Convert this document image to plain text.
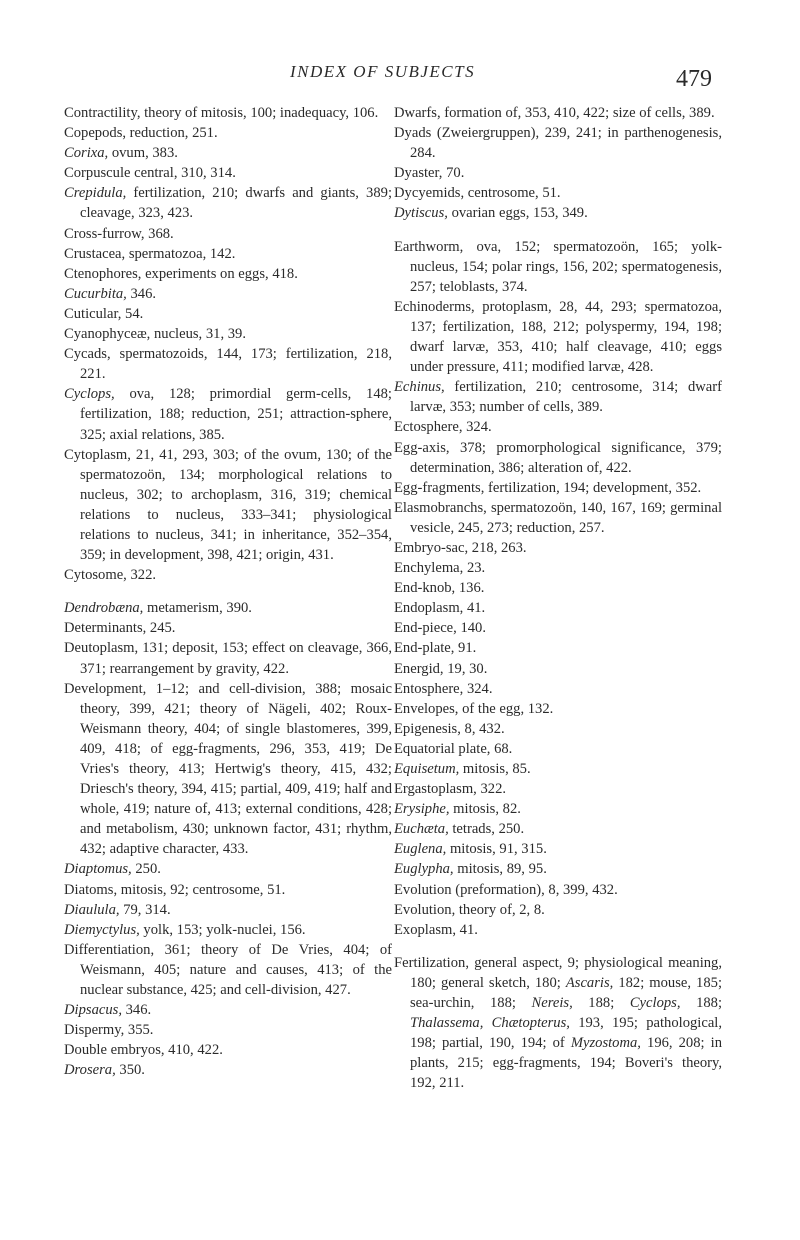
INDEX OF SUBJECTS	479

Contractility, theory of mitosis, 100; inadequacy, 106.

Copepods, reduction, 251.

Corixa, ovum, 383.

Corpuscule central, 310, 314.

Crepidula, fertilization, 210; dwarfs and giants, 389; cleavage, 323, 423.

Cross-furrow, 368.

Crustacea, spermatozoa, 142.

Ctenophores, experiments on eggs, 418.

Cucurbita, 346.

Cuticular, 54.

Cyanophyceæ, nucleus, 31, 39.

Cycads, spermatozoids, 144, 173; fertilization, 218, 221.

Cyclops, ova, 128; primordial germ-cells, 148; fertilization, 188; reduction, 251; attraction-sphere, 325; axial relations, 385.

Cytoplasm, 21, 41, 293, 303; of the ovum, 130; of the spermatozoön, 134; morphological relations to nucleus, 302; to archoplasm, 316, 319; chemical relations to nucleus, 333–341; physiological relations to nucleus, 341; in inheritance, 352–354, 359; in development, 398, 421; origin, 431.

Cytosome, 322.

Dendrobæna, metamerism, 390.

Determinants, 245.

Deutoplasm, 131; deposit, 153; effect on cleavage, 366, 371; rearrangement by gravity, 422.

Development, 1–12; and cell-division, 388; mosaic theory, 399, 421; theory of Nägeli, 402; Roux-Weismann theory, 404; of single blastomeres, 399, 409, 418; of egg-fragments, 296, 353, 419; De Vries's theory, 413; Hertwig's theory, 415, 432; Driesch's theory, 394, 415; partial, 409, 419; half and whole, 419; nature of, 413; external conditions, 428; and metabolism, 430; unknown factor, 431; rhythm, 432; adaptive character, 433.

Diaptomus, 250.

Diatoms, mitosis, 92; centrosome, 51.

Diaulula, 79, 314.

Diemyctylus, yolk, 153; yolk-nuclei, 156.

Differentiation, 361; theory of De Vries, 404; of Weismann, 405; nature and causes, 413; of the nuclear substance, 425; and cell-division, 427.

Dipsacus, 346.

Dispermy, 355.

Double embryos, 410, 422.

Drosera, 350.

Dwarfs, formation of, 353, 410, 422; size of cells, 389.

Dyads (Zweiergruppen), 239, 241; in parthenogenesis, 284.

Dyaster, 70.

Dycyemids, centrosome, 51.

Dytiscus, ovarian eggs, 153, 349.

Earthworm, ova, 152; spermatozoön, 165; yolk-nucleus, 154; polar rings, 156, 202; spermatogenesis, 257; teloblasts, 374.

Echinoderms, protoplasm, 28, 44, 293; spermatozoa, 137; fertilization, 188, 212; polyspermy, 194, 198; dwarf larvæ, 353, 410; half cleavage, 410; eggs under pressure, 411; modified larvæ, 428.

Echinus, fertilization, 210; centrosome, 314; dwarf larvæ, 353; number of cells, 389.

Ectosphere, 324.

Egg-axis, 378; promorphological significance, 379; determination, 386; alteration of, 422.

Egg-fragments, fertilization, 194; development, 352.

Elasmobranchs, spermatozoön, 140, 167, 169; germinal vesicle, 245, 273; reduction, 257.

Embryo-sac, 218, 263.

Enchylema, 23.

End-knob, 136.

Endoplasm, 41.

End-piece, 140.

End-plate, 91.

Energid, 19, 30.

Entosphere, 324.

Envelopes, of the egg, 132.

Epigenesis, 8, 432.

Equatorial plate, 68.

Equisetum, mitosis, 85.

Ergastoplasm, 322.

Erysiphe, mitosis, 82.

Euchæta, tetrads, 250.

Euglena, mitosis, 91, 315.

Euglypha, mitosis, 89, 95.

Evolution (preformation), 8, 399, 432.

Evolution, theory of, 2, 8.

Exoplasm, 41.

Fertilization, general aspect, 9; physiological meaning, 180; general sketch, 180; Ascaris, 182; mouse, 185; sea-urchin, 188; Nereis, 188; Cyclops, 188; Thalassema, Chætopterus, 193, 195; pathological, 198; partial, 190, 194; of Myzostoma, 196, 208; in plants, 215; egg-fragments, 194; Boveri's theory, 192, 211.
